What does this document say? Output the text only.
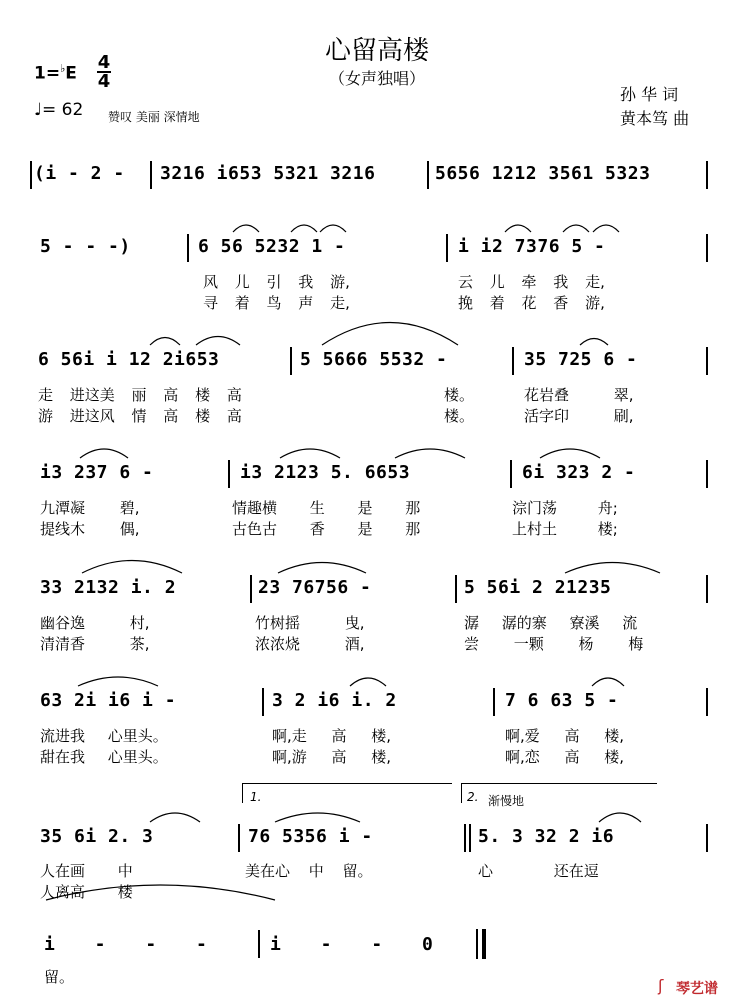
心留高楼
（女声独唱）
1=♭E
4
4
♩= 62 赞叹 美丽 深情地
孙 华 词
黄本笃 曲
(i - 2 - 3216 i653 5321 3216	5656 1212 3561 5323
5 - - -)	6 56 5232 1 -	i i2 7376 5 -
风 儿 引 我 游,	云 儿 牵 我 走,
寻 着 鸟 声 走,	挽 着 花 香 游,
6 56i i 12 2i653	5 5666 5532 -	35 725 6 -
走 进这美 丽 高 楼 高	楼。	花岩叠 翠,
游 进这风 情 高 楼 高	楼。	活字印 刷,
i3 237 6 -	i3 2123 5. 6653	6i 323 2 -
九潭凝 碧,	情趣横 生 是 那	淙门荡 舟;
提线木 偶,	古色古 香 是 那	上村土 楼;
33 2132 i. 2	23 76756 -	5 56i 2 21235
幽谷逸 村,	竹树摇 曳,	潺 潺的寨 寮溪 流
清清香 茶,	浓浓烧 酒,	尝 一颗 杨 梅
63 2i i6 i -	3 2 i6 i. 2	7 6 63 5 -
流进我 心里头。	啊,走 高 楼,	啊,爱 高 楼,
甜在我 心里头。	啊,游 高 楼,	啊,恋 高 楼,
1.	2. 渐慢地
35 6i 2. 3	76 5356 i -	5. 3 32 2 i6
人在画 中	美在心 中 留。	心 还在逗
人离高 楼
i - - -	i - - 0
留。	ʃ 琴艺谱
